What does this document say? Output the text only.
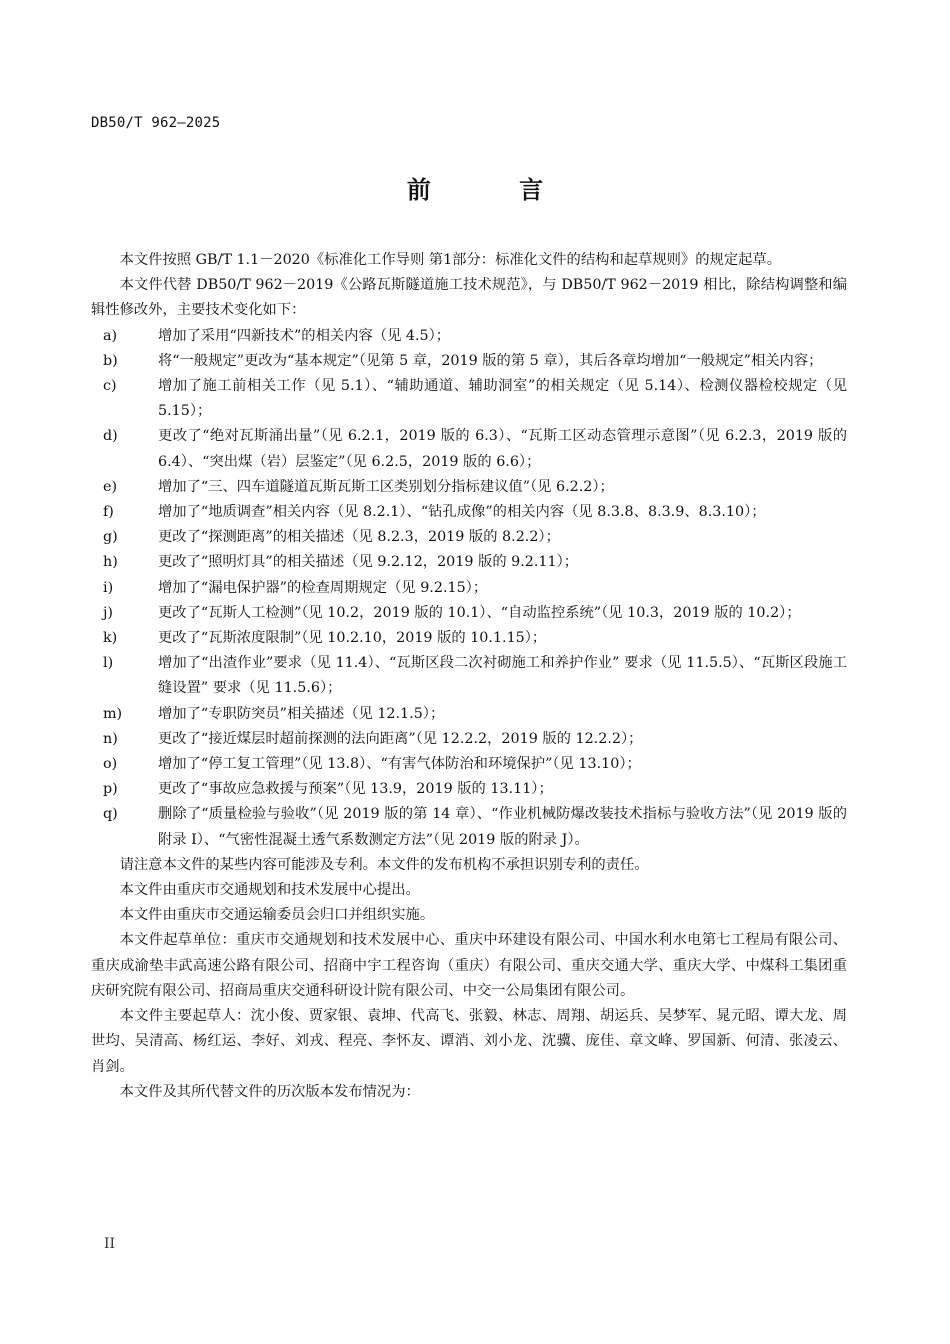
DB50/T 962—2025
前 言

本文件按照 GB/T 1.1－2020《标准化工作导则 第1部分：标准化文件的结构和起草规则》的规定起草。

本文件代替 DB50/T 962－2019《公路瓦斯隧道施工技术规范》，与 DB50/T 962－2019 相比，除结构调整和编辑性修改外，主要技术变化如下：

a)	增加了采用“四新技术”的相关内容（见 4.5）；
b)	将“一般规定”更改为“基本规定”（见第 5 章，2019 版的第 5 章），其后各章均增加“一般规定”相关内容；
c)	增加了施工前相关工作（见 5.1）、“辅助通道、辅助洞室”的相关规定（见 5.14）、检测仪器检校规定（见 5.15）；
d)	更改了“绝对瓦斯涌出量”（见 6.2.1，2019 版的 6.3）、“瓦斯工区动态管理示意图”（见 6.2.3，2019 版的 6.4）、“突出煤（岩）层鉴定”（见 6.2.5，2019 版的 6.6）；
e)	增加了“三、四车道隧道瓦斯瓦斯工区类别划分指标建议值”（见 6.2.2）；
f)	增加了“地质调查”相关内容（见 8.2.1）、“钻孔成像”的相关内容（见 8.3.8、8.3.9、8.3.10）；
g)	更改了“探测距离”的相关描述（见 8.2.3，2019 版的 8.2.2）；
h)	更改了“照明灯具”的相关描述（见 9.2.12，2019 版的 9.2.11）；
i)	增加了“漏电保护器”的检查周期规定（见 9.2.15）；
j)	更改了“瓦斯人工检测”（见 10.2，2019 版的 10.1）、“自动监控系统”（见 10.3，2019 版的 10.2）；
k)	更改了“瓦斯浓度限制”（见 10.2.10，2019 版的 10.1.15）；
l)	增加了“出渣作业”要求（见 11.4）、“瓦斯区段二次衬砌施工和养护作业” 要求（见 11.5.5）、“瓦斯区段施工缝设置” 要求（见 11.5.6）；
m)	增加了“专职防突员”相关描述（见 12.1.5）；
n)	更改了“接近煤层时超前探测的法向距离”（见 12.2.2，2019 版的 12.2.2）；
o)	增加了“停工复工管理”（见 13.8）、“有害气体防治和环境保护”（见 13.10）；
p)	更改了“事故应急救援与预案”（见 13.9，2019 版的 13.11）；
q)	删除了“质量检验与验收”（见 2019 版的第 14 章）、“作业机械防爆改装技术指标与验收方法”（见 2019 版的附录 I）、“气密性混凝土透气系数测定方法”（见 2019 版的附录 J）。

请注意本文件的某些内容可能涉及专利。本文件的发布机构不承担识别专利的责任。

本文件由重庆市交通规划和技术发展中心提出。

本文件由重庆市交通运输委员会归口并组织实施。

本文件起草单位：重庆市交通规划和技术发展中心、重庆中环建设有限公司、中国水利水电第七工程局有限公司、重庆成渝垫丰武高速公路有限公司、招商中宇工程咨询（重庆）有限公司、重庆交通大学、重庆大学、中煤科工集团重庆研究院有限公司、招商局重庆交通科研设计院有限公司、中交一公局集团有限公司。

本文件主要起草人：沈小俊、贾家银、袁坤、代高飞、张毅、林志、周翔、胡运兵、吴梦军、晁元昭、谭大龙、周世均、吴清高、杨红运、李好、刘戎、程亮、李怀友、谭消、刘小龙、沈骥、庞佳、章文峰、罗国新、何清、张凌云、肖剑。

本文件及其所代替文件的历次版本发布情况为：

II
